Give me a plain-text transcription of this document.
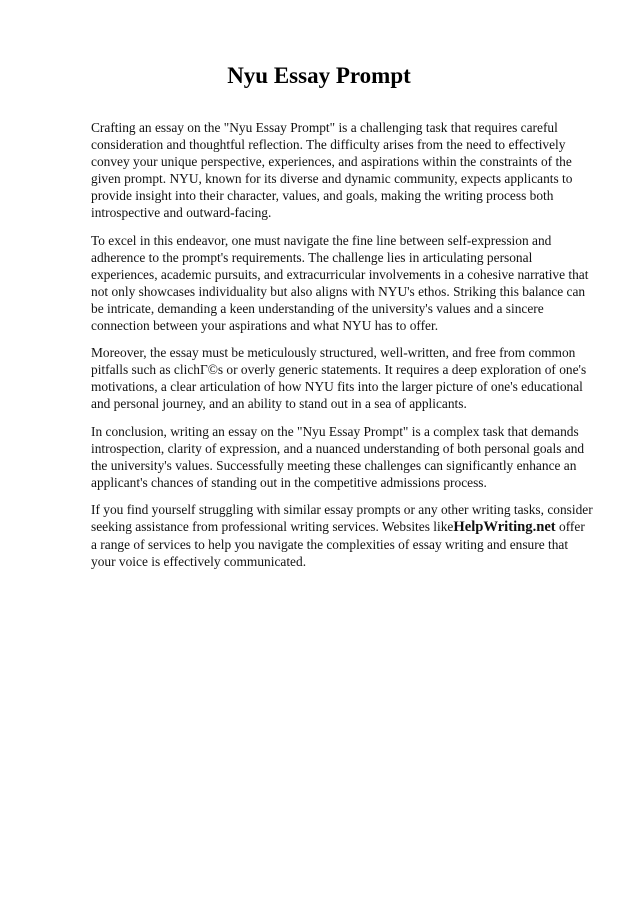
Nyu Essay Prompt

Crafting an essay on the "Nyu Essay Prompt" is a challenging task that requires careful consideration and thoughtful reflection. The difficulty arises from the need to effectively convey your unique perspective, experiences, and aspirations within the constraints of the given prompt. NYU, known for its diverse and dynamic community, expects applicants to provide insight into their character, values, and goals, making the writing process both introspective and outward-facing.

To excel in this endeavor, one must navigate the fine line between self-expression and adherence to the prompt's requirements. The challenge lies in articulating personal experiences, academic pursuits, and extracurricular involvements in a cohesive narrative that not only showcases individuality but also aligns with NYU's ethos. Striking this balance can be intricate, demanding a keen understanding of the university's values and a sincere connection between your aspirations and what NYU has to offer.

Moreover, the essay must be meticulously structured, well-written, and free from common pitfalls such as clichГ©s or overly generic statements. It requires a deep exploration of one's motivations, a clear articulation of how NYU fits into the larger picture of one's educational and personal journey, and an ability to stand out in a sea of applicants.

In conclusion, writing an essay on the "Nyu Essay Prompt" is a complex task that demands introspection, clarity of expression, and a nuanced understanding of both personal goals and the university's values. Successfully meeting these challenges can significantly enhance an applicant's chances of standing out in the competitive admissions process.

If you find yourself struggling with similar essay prompts or any other writing tasks, consider seeking assistance from professional writing services. Websites likeHelpWriting.net offer a range of services to help you navigate the complexities of essay writing and ensure that your voice is effectively communicated.
